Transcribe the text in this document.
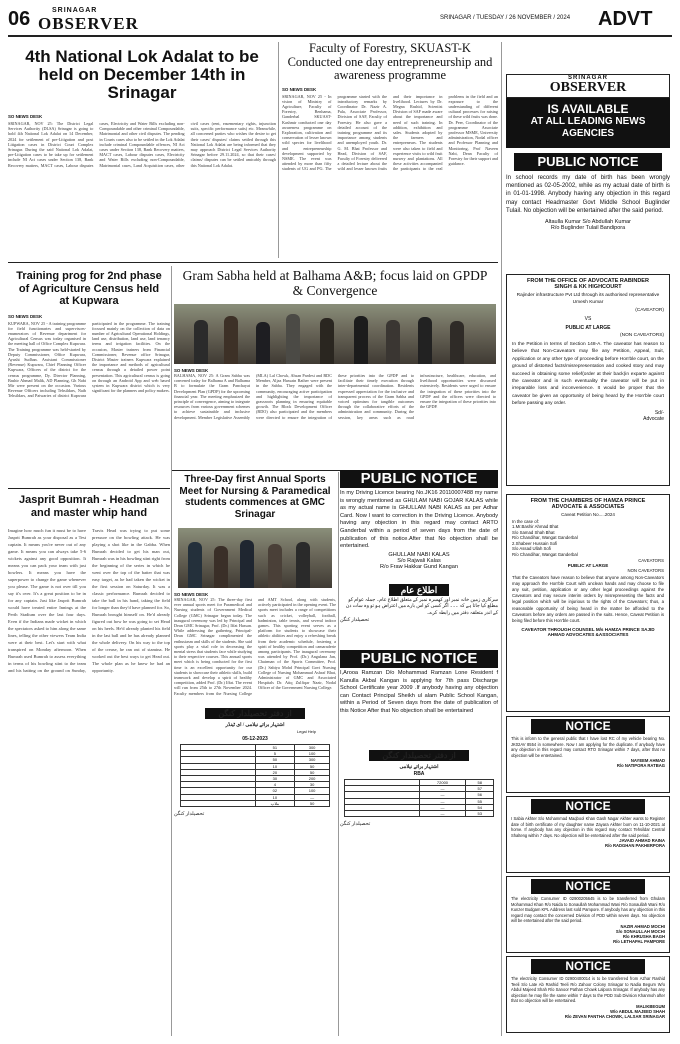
06	SRINAGAR
OBSERVER	SRINAGAR / TUESDAY / 26 NOVEMBER / 2024 ADVT
4th National Lok Adalat to be held on December 14th in Srinagar
SO NEWS DESK
SRINAGAR, NOV 25: The District Legal Services Authority (DLSA) Srinagar is going to hold 4th National Lok Adalat on 14 December, 2024 for settlement of pre-Litigation and post Litigation cases in District Court Complex Srinagar. During the said National Lok Adalat, pre-Litigation cases to be take up for settlement include NI Act cases under Section 138, Bank Recovery matters, MACT cases, Labour disputes cases, Electricity and Water Bills excluding non-Compoundable and other criminal Compoundable, Matrimonial and other civil disputes. The pending in Courts cases also to be settled in the Lok Adalat include criminal Compoundable offences, NI Act cases under Section 138, Bank Recovery matters, MACT cases, Labour disputes cases, Electricity and Water Bills excluding non-Compoundable, Matrimonial cases, Land Acquisition cases, other civil cases (rent, easementary rights, injunction suits, specific performance suits) etc. Meanwhile, all concerned parties who wishes the desire to get their cases/ disputes/ claims settled through this National Lok Adalat are being informed that they may approach District Legal Services Authority Srinagar before 29.11.2024, so that their cases/ claims/ disputes can be settled amicably through this National Lok Adalat.
Faculty of Forestry, SKUAST-K Conducted one day entrepreneurship and awareness programme
SO NEWS DESK
SRINAGAR, NOV 25 - In vision of Ministry of Agriculture, Faculty of Forestry, Benhama, Ganderbal SKUAST-Kashmir conducted one day awareness programme on Exploration, cultivation and conservation of lesser known wild species for livelihood and entrepreneurship development supported by NSME. The event was attended by more than fifty students of UG and PG. The programme started with the introductory remarks by Coordinator Dr. Nazir A. Pala, Associate Professor, Division of SAF, Faculty of Forestry. He also gave a detailed account of the training programme and its importance among students and unemployed youth. Dr. G. M. Bhat Professor and Head, Division of SAF, Faculty of Forestry delivered a detailed lecture about the wild and lesser known fruits and their importance in livelihood. Lectures by Dr. Megna Rashid, Scientist Division of SAF made aware about the importance and need of such training. In addition, exhibition and sales. Students adopted by the farmers and entrepreneurs. The students were also taken to field and experience visits to wild fruit nursery and plantations. All these activities accompanied the participants to the real problems in the field and an exposure to the understanding of different cultural processes for raising of these wild fruits was done. Dr. Peer, Coordinator of the programme Associate professor MSME, University administration, Nodal officer and Professor Planning and Monitoring, Prof Naveen Nabi, Dean Faculty of Forestry for their support and guidance.
SRINAGAR
OBSERVER
IS AVAILABLE
AT ALL LEADING NEWS
AGENCIES
PUBLIC NOTICE
In school records my date of birth has been wrongly mentioned as 02-05-2002, while as my actual date of birth is in 01-01-1998. Anybody having any objection in this regard may contact Headmaster Govt Middle School Buglinder Tulail. No objection will be entertained after the said period.
Altaulla Kumar S/o Abdullah Kumar
R/o Buglinder Tulail Bandipora
Training prog for 2nd phase of Agriculture Census held at Kupwara
SO NEWS DESK
KUPWARA, NOV 25 - A training programme for field functionaries and supervisors-enumerators of Revenue department for Agricultural Census was today organised in the meeting hall of Office Complex Kupwara. The Training programme was held-started by Deputy Commissioner, Office Kupwara, Ayushi Sudhan. Assistant Commissioner (Revenue) Kupwara, Chief Planning Officer Kupwara, Officers of the district for the census programme, Dy. Director Planning, Bashir Ahmad Malik, AD Planning, Gh Nabi Mir were present on the occasion. Various Revenue Officers including Tehsildars, Naib Tehsildars, and Patwaries of district Kupwara participated in the programme. The training focused mainly on the collection of data on number of Agricultural Operational Holdings, land use, distribution, land use, land tenancy terms and irrigation facilities. On the occasion, Master trainers from Financial Commissioner, Revenue office Srinagar, District Master trainers Kupwara explained the importance and methods of agricultural census through a detailed power point presentation. This agricultural census is going on through an Android App and web based system in Kupwara district which is very significant for the planners and policy makers.
Gram Sabha held at Balhama A&B; focus laid on GPDP & Convergence
SO NEWS DESK
BALHAMA, NOV 25: A Gram Sabha was convened today for Balhama A and Balhama B to formulate the Gram Panchayat Development Plan (GPDP) for the upcoming financial year. The meeting emphasized the principle of convergence, aiming to integrate resources from various government schemes to achieve sustainable and inclusive development. Member Legislative Assembly (MLA) Lal Chowk, Ahsan Pardesi and BDC Member, Aljaz Hussain Rather were present in the Sabha. They engaged with the community, encouraging active participation and highlighting the importance of grassroots planning in ensuring equitable growth. The Block Development Officer (BDO) also participated and the members were directed to ensure the integration of these priorities into the GPDP and to facilitate their timely execution through inter-departmental coordination. Residents expressed appreciation for the inclusive and transparent process of the Gram Sabha and voiced optimism for tangible outcomes through the collaborative efforts of the administration and community. During the session, key areas such as road infrastructure, healthcare, education, and livelihood opportunities were discussed extensively. Residents were urged to ensure the integration of these priorities into the GPDP and the officers were directed to ensure the integration of these priorities into the GPDP.
FROM THE OFFICE OF ADVOCATE RABINDER
SINGH & KK HIGHCOURT
Rajinder infrastructure Pvt Ltd through its authorised representative Umesh Kumar
(CAVEATOR)
VS
PUBLIC AT LARGE
(NON CAVEATORS)
In the Petition in terms of Section 148-A. The caveator has reason to believe that Non-Caveators may file any Petition, Appeal, Suit, Application or any other type of proceeding before Hon'ble court, on the ground of distorted facts/misrepresentation and cooked story and may succeed in obtaining some relief(order at their back)in exparte against the caveator and in such eventuality the caveator will be put in irreparable loss and inconvenience. It would be proper that the caveator be given an opportunity of being heard by the Hon'ble court before passing any order.
Sd/-
Advocate
Jasprit Bumrah - Headman and master whip hand
Imagine how much fun it must be to have Jasprit Bumrah as your disposal as a Test captain. It means you're never out of any game. It means you can always take 5-6 wickets against any good opposition. It means you can pack your team with just bowlers. It means you have the superpower to change the game whenever you please. The game is not over till you say it's over. It's a great position to be in for any captain. Just like Jasprit Bumrah would have treated entire Innings at the Perth Stadium over the last four days. Even if the Indians made wicket in which the spectators asked to him along the same lines, telling the other viewers Team India were at their best. Let's start with what transpired on Monday afternoon. When Bumrah used Bumrah to assess everything in terms of his bowling stint to the team and his batting on the ground on Sunday, Travis Head was trying to put some pressure on the bowling attack. He was playing a shot like in the Gabba. When Bumrah decided to get his man out, Bumrah was in his bowling stint right from the beginning of the series in which he went over the top of the batter that was easy target, as he had taken the wicket in the first session on Saturday. It was a classic performance. Bumrah decided to take the ball in his hand, taking the field for longer than they'd have planned for. So, Bumrah brought himself on. He'd already figured out how he was going to set Head on his heels. He'd already planted his field in the last ball and he has already planned the whole delivery. On his way to the top of the crease, he ran out of stamina. He worked out the best ways to get Head out. The whole plan as he knew he had an opportunity.
Three-Day first Annual Sports Meet for Nursing & Paramedical students commences at GMC Srinagar
SO NEWS DESK
SRINAGAR, NOV 25: The three-day first ever annual sports meet for Paramedical and Nursing students of Government Medical College (GMC) Srinagar began today. The inaugural ceremony was led by Principal and Dean GMC Srinagar, Prof. (Dr.) Iffat Hassan. While addressing the gathering, Principal-Dean GMC Srinagar complimented the enthusiasm and skills of the students. She said sports play a vital role in decreasing the mental stress that students face while studying to their respective courses. This annual sports meet which is being conducted for the first time is an excellent opportunity for our students to showcase their athletic skills, build teamwork and develop a spirit of healthy competition, added Prof. (Dr.) Iffat. The event will run from 25th to 27th November 2024. Faculty members from the Nursing College and AMT School, along with students, actively participated in the opening event. The sports meet includes a range of competitions such as cricket, volleyball, football, badminton, table tennis, and several indoor games. This sporting event serves as a platform for students to showcase their athletic abilities and enjoy a refreshing break from their academic schedule, fostering a spirit of healthy competition and camaraderie among participants. The inaugural ceremony was attended by Prof. (Dr.) Angulana Jan, Chairman of the Sports Committee, Prof. (Dr.) Sabiya Mohd Principal Govt Nursing College of Nursing Mohammad Ashraf Bhat, Administrator of GMC and Associated Hospitals Dr. Atiq Zulfiqar Nazir, Nodal Officer of the Government Nursing College.
PUBLIC NOTICE
In my Driving Licence bearing No.JK16 20110007488 my name is wrongly mentioned as GHULAM NABI GOJAR KALAS while as my actual name is GHULLAM NABI KALAS as per Adhar Card. Now I want to correction in the Driving Licence. Anybody having any objection in this regard may contact ARTO Ganderbal within a period of seven days from the date of publication of this notice.After that No objection shall be entertained.
GHULLAM NABI KALAS
S/o Rajwali Kalas
R/o Fraw Hakkar Gund Kangan
اطلاع عام
سرکاری زمین خانہ نمبر اور کھسرہ نمبر کے متعلق اطلاع عام۔ جملہ عوام کو مطلع کیا جاتا ہے کہ ۔۔۔ اگر کسی کو اس بارے میں اعتراض ہو تو وہ سات دن کے اندر متعلقہ دفتر میں رابطہ کرے۔
تحصیلدار کنگن
PUBLIC NOTICE
I,Arooa Ramzan D/o Mohammad Ramzan Lone Resident f Kanulla Akbal Kangan is applying for 7th pass Discharge School Certificate year 2009 .If anybody having any objection can Contact Principal Sheikh ul alam Public School Kangan, within a Period of Seven days from the date of publication of this Notice After that No objection shall be entertained
از دفتر تحصیلدار کنگن
اشتہار برائے نیلامی / ای ٹینڈر
Legal Help
05-12-2023
	51	300
	5	100
	50	300
	10	50
	20	50
	30	200
	4	30
	02	100
	10	—
	ملاپ	50
تحصیلدار کنگن
از دفتر تحصیلدار کنگن
اشتہار برائے نیلامی
RBA
	72000	58
	—	57
	—	56
	—	55
	—	54
	—	53
تحصیلدار کنگن
FROM THE CHAMBERS OF HAMZA PRINCE
ADVOCATE & ASSOCIATES
Caveat Petition No.....2024
In the case of:
1.Mr.Bashir Ahmad Bhat
S/o Samad Shah Bhat
R/o Chandihar, Wangat Ganderbal
2.Shabeer Hussain Sofi
S/o Assad Ullah Sofi
R/o Chandihar, Wangat Ganderbal
CAVEATORS
PUBLIC AT LARGE
NON CAVEATORS
That the Caveators have reason to believe that anyone among Non-Caveators may approach the Hon'ble Court with unclean hands and may choose to file any suit, petition, application or any other legal proceedings against the Caveators and may secure interim orders by misrepresenting the facts and legal position which will be injurious to the rights of the Caveators; thus, a reasonable opportunity of being heard in the matter be afforded to the Caveators before any orders are passed in the suits. Hence, Caveat Petition is being filed before this Hon'ble court.
CAVEATOR THROUGH COUNSEL M/s HAMZA PRINCE SAJID
AHMAD ADVOCATES &ASSOCIATES
NOTICE
This is inform to the general public that I have lost RC of my vehicle bearing No. JK02AV 8554 in somewhere. Now I am applying for the duplicate. If anybody have any objection in this regard may contact RTO Srinagar within 7 days, after that no objection will be entertained.
NAYEEM AHMAD
R/o NATIPORA RATBAG
NOTICE
I Sabia Akhter S/o Mohammad Maqbool Khan Gash Nagar Akhter wants to Register date of birth certificate of my daughter name Zayara Akhter born on 11-10-2021 at home. If anybody has any objection in this regard may contact Tehsildar Central Shalteng within 7 days. No objection will be entertained after the said period.
JAVAID AHMAD RAINA
R/o RADGHAN PAKHERPORA
NOTICE
The electricity Consumer ID 02900205645 is to be transferred from Ghulam Mohammad Khan R/o Naida to Sonaullah Mohammad Wani R/o Sonaullah Wani R/o Kunzer Budgam KPL Address last sold Pampore. If anybody has any objection in this regard may contact the concerned Division of PDD within seven days. No objection will be entertained after the said period.
NAZIR AHMAD MOCHI
S/o SONAULLAH MOCHI
R/o KHRUSHA BAGH
R/o LETHAPAL PAMPORE
NOTICE
The electricity Consumer ID 02900400014 is to be transferred from Azhar Rashid Teeli S/o Late Ab Rashid Teeli R/o Zahoor Colony Srinagar to Nadia Begum W/o Abdul Majeed Shah R/o Sanoor Pathan Chowk Lalpora Srinagar. If anybody has any objection he may file the same within 7 days to the PDD Sub Division Khanmoh after that no objection will be entertained.
MALIKBEGUM
W/o ABDUL MAJEED SHAH
R/o ZEVAN PANTHA CHOWK, LALSAR SRINAGAR
